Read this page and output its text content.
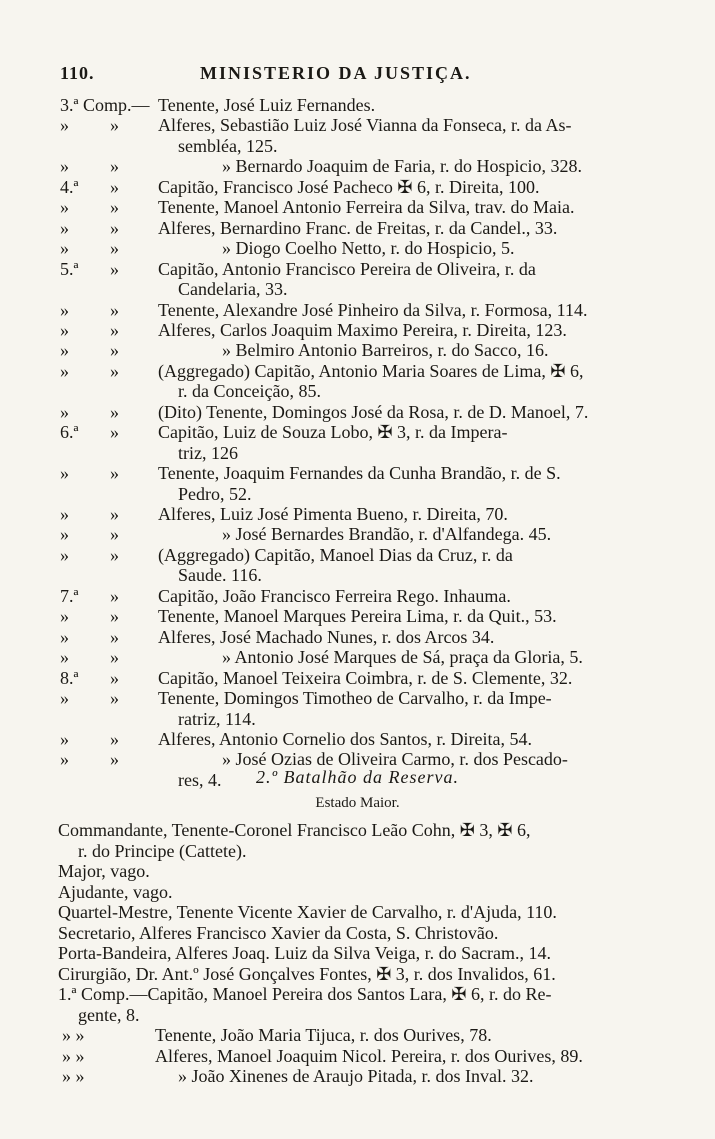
110.	MINISTERIO DA JUSTIÇA.
3.ª Comp.— Tenente, José Luiz Fernandes.
» » Alferes, Sebastião Luiz José Vianna da Fonseca, r. da As-
sembléa, 125.
» »	» Bernardo Joaquim de Faria, r. do Hospicio, 328.
4.ª » Capitão, Francisco José Pacheco ✠ 6, r. Direita, 100.
» » Tenente, Manoel Antonio Ferreira da Silva, trav. do Maia.
» » Alferes, Bernardino Franc. de Freitas, r. da Candel., 33.
» »	» Diogo Coelho Netto, r. do Hospicio, 5.
5.ª » Capitão, Antonio Francisco Pereira de Oliveira, r. da
Candelaria, 33.
» » Tenente, Alexandre José Pinheiro da Silva, r. Formosa, 114.
» » Alferes, Carlos Joaquim Maximo Pereira, r. Direita, 123.
» »	» Belmiro Antonio Barreiros, r. do Sacco, 16.
» » (Aggregado) Capitão, Antonio Maria Soares de Lima, ✠ 6,
r. da Conceição, 85.
» » (Dito) Tenente, Domingos José da Rosa, r. de D. Manoel, 7.
6.ª » Capitão, Luiz de Souza Lobo, ✠ 3, r. da Impera-
triz, 126
» » Tenente, Joaquim Fernandes da Cunha Brandão, r. de S.
Pedro, 52.
» » Alferes, Luiz José Pimenta Bueno, r. Direita, 70.
» »	» José Bernardes Brandão, r. d'Alfandega. 45.
» » (Aggregado) Capitão, Manoel Dias da Cruz, r. da
Saude. 116.
7.ª » Capitão, João Francisco Ferreira Rego. Inhauma.
» » Tenente, Manoel Marques Pereira Lima, r. da Quit., 53.
» » Alferes, José Machado Nunes, r. dos Arcos 34.
» »	» Antonio José Marques de Sá, praça da Gloria, 5.
8.ª » Capitão, Manoel Teixeira Coimbra, r. de S. Clemente, 32.
» » Tenente, Domingos Timotheo de Carvalho, r. da Impe-
ratriz, 114.
» » Alferes, Antonio Cornelio dos Santos, r. Direita, 54.
» »	» José Ozias de Oliveira Carmo, r. dos Pescado-
res, 4.	2.º Batalhão da Reserva.
Estado Maior.
Commandante, Tenente-Coronel Francisco Leão Cohn, ✠ 3, ✠ 6,
r. do Principe (Cattete).
Major, vago.
Ajudante, vago.
Quartel-Mestre, Tenente Vicente Xavier de Carvalho, r. d'Ajuda, 110.
Secretario, Alferes Francisco Xavier da Costa, S. Christovão.
Porta-Bandeira, Alferes Joaq. Luiz da Silva Veiga, r. do Sacram., 14.
Cirurgião, Dr. Ant.º José Gonçalves Fontes, ✠ 3, r. dos Invalidos, 61.
1.ª Comp.—Capitão, Manoel Pereira dos Santos Lara, ✠ 6, r. do Re-
gente, 8.
» »	Tenente, João Maria Tijuca, r. dos Ourives, 78.
» »	Alferes, Manoel Joaquim Nicol. Pereira, r. dos Ourives, 89.
» »	» João Xinenes de Araujo Pitada, r. dos Inval. 32.
